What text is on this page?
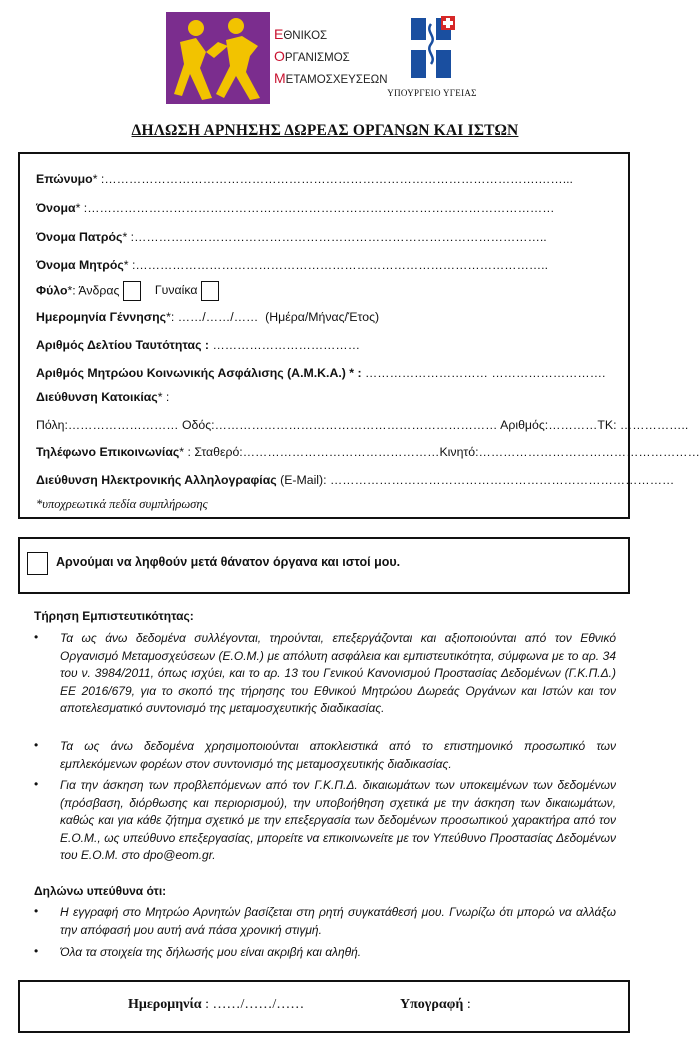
ΕΘΝΙΚΟΣ
ΟΡΓΑΝΙΣΜΟΣ
ΜΕΤΑΜΟΣΧΕΥΣΕΩΝ
ΥΠΟΥΡΓΕΙΟ ΥΓΕΙΑΣ
ΔΗΛΩΣΗ ΑΡΝΗΣΗΣ ΔΩΡΕΑΣ ΟΡΓΑΝΩΝ ΚΑΙ ΙΣΤΩΝ
Επώνυμο* :…………………………………………………………………………………………….……...
Όνομα* :……………………………………………………………………………………………………
Όνομα Πατρός* :………………………………………………………………………………………..
Όνομα Μητρός* :………………………………………………………………………………………..
Φύλο*: Άνδρας	Γυναίκα
Ημερομηνία Γέννησης*: ……/……/…… (Ημέρα/Μήνας/Έτος)
Αριθμός Δελτίου Ταυτότητας : ………………………………
Αριθμός Μητρώου Κοινωνικής Ασφάλισης (Α.Μ.Κ.Α.) * : ………………………… ……………………….
Διεύθυνση Κατοικίας* :
Πόλη:……………………… Οδός:…………………………………………………………… Αριθμός:…………ΤΚ: ……………..
Τηλέφωνο Επικοινωνίας* : Σταθερό:…………………………………………Κινητό:………………………………………………
Διεύθυνση Ηλεκτρονικής Αλληλογραφίας (E-Mail): …………………………………………………………………………
*υποχρεωτικά πεδία συμπλήρωσης
Αρνούμαι να ληφθούν μετά θάνατον όργανα και ιστοί μου.
Τήρηση Εμπιστευτικότητας:
• Τα ως άνω δεδομένα συλλέγονται, τηρούνται, επεξεργάζονται και αξιοποιούνται από τον Εθνικό Οργανισμό Μεταμοσχεύσεων (Ε.Ο.Μ.) με απόλυτη ασφάλεια και εμπιστευτικότητα, σύμφωνα με το αρ. 34 του ν. 3984/2011, όπως ισχύει, και το αρ. 13 του Γενικού Κανονισμού Προστασίας Δεδομένων (Γ.Κ.Π.Δ.) ΕΕ 2016/679, για το σκοπό της τήρησης του Εθνικού Μητρώου Δωρεάς Οργάνων και Ιστών και τον αποτελεσματικό συντονισμό της μεταμοσχευτικής διαδικασίας.
• Τα ως άνω δεδομένα χρησιμοποιούνται αποκλειστικά από το επιστημονικό προσωπικό των εμπλεκόμενων φορέων στον συντονισμό της μεταμοσχευτικής διαδικασίας.
• Για την άσκηση των προβλεπόμενων από τον Γ.Κ.Π.Δ. δικαιωμάτων των υποκειμένων των δεδομένων (πρόσβαση, διόρθωσης και περιορισμού), την υποβοήθηση σχετικά με την άσκηση των δικαιωμάτων, καθώς και για κάθε ζήτημα σχετικό με την επεξεργασία των δεδομένων προσωπικού χαρακτήρα από τον Ε.Ο.Μ., ως υπεύθυνο επεξεργασίας, μπορείτε να επικοινωνείτε με τον Υπεύθυνο Προστασίας Δεδομένων του Ε.Ο.Μ. στο dpo@eom.gr.
Δηλώνω υπεύθυνα ότι:
• Η εγγραφή στο Μητρώο Αρνητών βασίζεται στη ρητή συγκατάθεσή μου. Γνωρίζω ότι μπορώ να αλλάξω την απόφασή μου αυτή ανά πάσα χρονική στιγμή.
• Όλα τα στοιχεία της δήλωσής μου είναι ακριβή και αληθή.
Ημερομηνία : ……/……/……	Υπογραφή :
